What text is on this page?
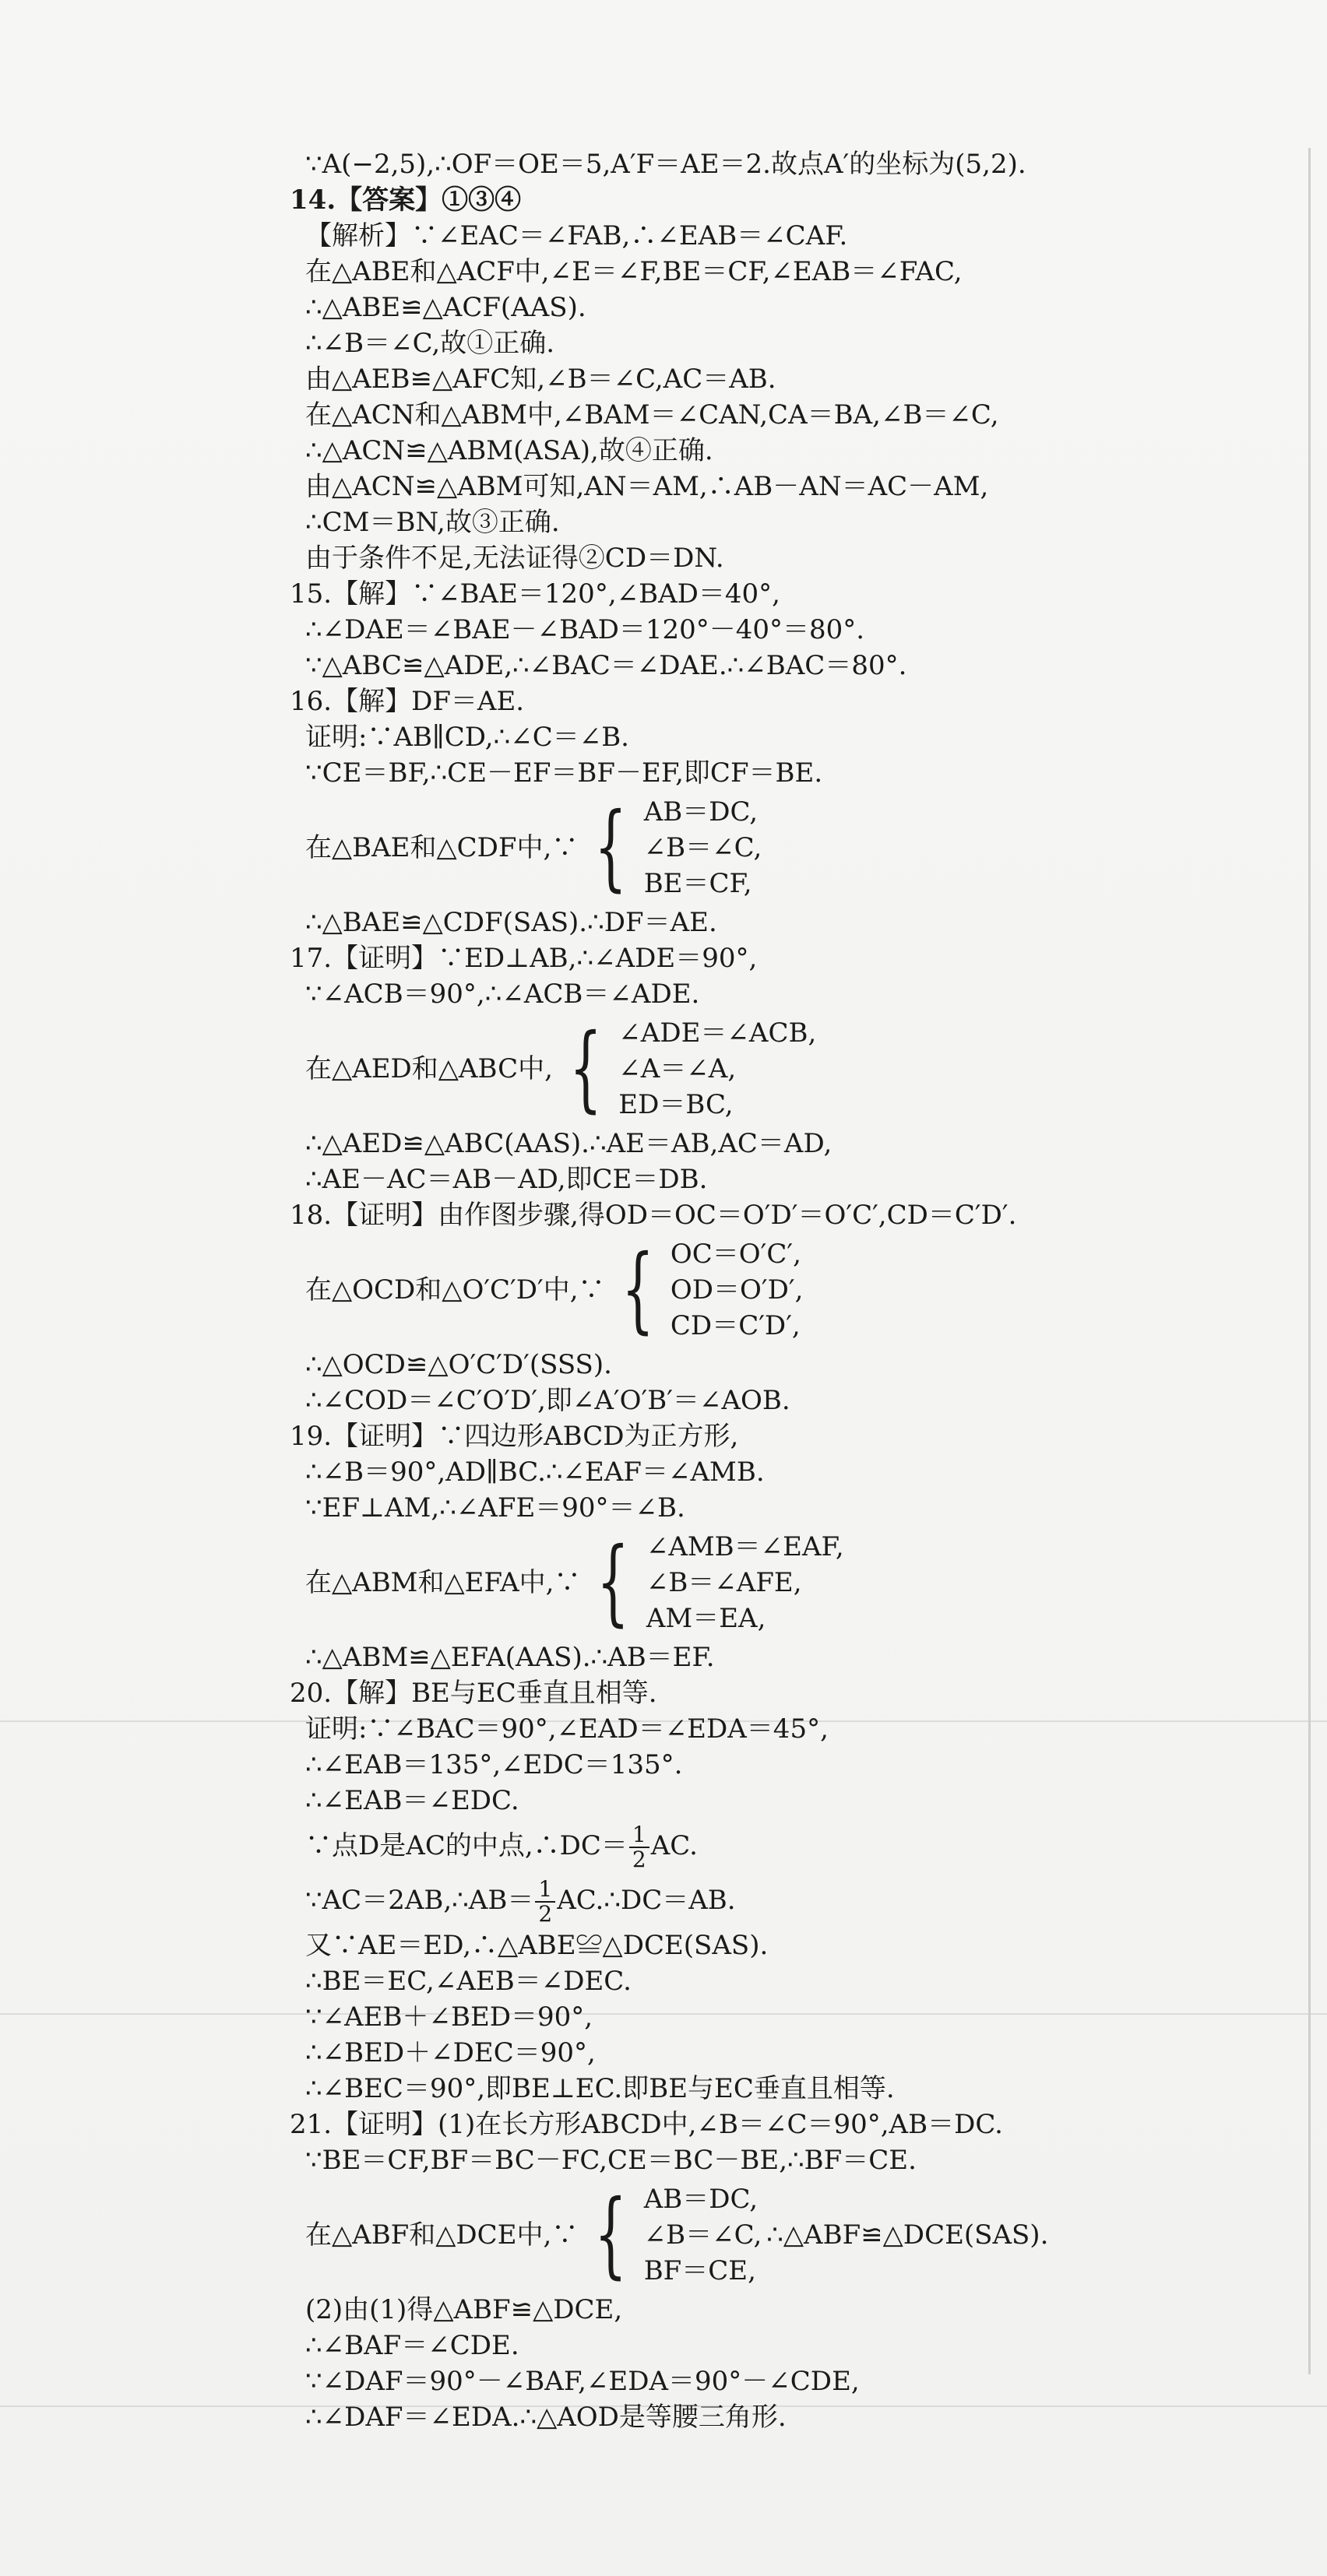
∵A(−2,5),∴OF＝OE＝5,A′F＝AE＝2.故点A′的坐标为(5,2).
14.【答案】①③④
【解析】∵∠EAC＝∠FAB,∴∠EAB＝∠CAF.
在△ABE和△ACF中,∠E＝∠F,BE＝CF,∠EAB＝∠FAC,
∴△ABE≌△ACF(AAS).
∴∠B＝∠C,故①正确.
由△AEB≌△AFC知,∠B＝∠C,AC＝AB.
在△ACN和△ABM中,∠BAM＝∠CAN,CA＝BA,∠B＝∠C,
∴△ACN≌△ABM(ASA),故④正确.
由△ACN≌△ABM可知,AN＝AM,∴AB－AN＝AC－AM,
∴CM＝BN,故③正确.
由于条件不足,无法证得②CD＝DN.
15.【解】∵∠BAE＝120°,∠BAD＝40°,
∴∠DAE＝∠BAE－∠BAD＝120°－40°＝80°.
∵△ABC≌△ADE,∴∠BAC＝∠DAE.∴∠BAC＝80°.
16.【解】DF＝AE.
证明:∵AB∥CD,∴∠C＝∠B.
∵CE＝BF,∴CE－EF＝BF－EF,即CF＝BE.
在△BAE和△CDF中,∵ { AB＝DC,
∠B＝∠C,
BE＝CF,
∴△BAE≌△CDF(SAS).∴DF＝AE.
17.【证明】∵ED⊥AB,∴∠ADE＝90°,
∵∠ACB＝90°,∴∠ACB＝∠ADE.
在△AED和△ABC中, { ∠ADE＝∠ACB,
∠A＝∠A,
ED＝BC,
∴△AED≌△ABC(AAS).∴AE＝AB,AC＝AD,
∴AE－AC＝AB－AD,即CE＝DB.
18.【证明】由作图步骤,得OD＝OC＝O′D′＝O′C′,CD＝C′D′.
在△OCD和△O′C′D′中,∵ { OC＝O′C′,
OD＝O′D′,
CD＝C′D′,
∴△OCD≌△O′C′D′(SSS).
∴∠COD＝∠C′O′D′,即∠A′O′B′＝∠AOB.
19.【证明】∵四边形ABCD为正方形,
∴∠B＝90°,AD∥BC.∴∠EAF＝∠AMB.
∵EF⊥AM,∴∠AFE＝90°＝∠B.
在△ABM和△EFA中,∵ { ∠AMB＝∠EAF,
∠B＝∠AFE,
AM＝EA,
∴△ABM≌△EFA(AAS).∴AB＝EF.
20.【解】BE与EC垂直且相等.
证明:∵∠BAC＝90°,∠EAD＝∠EDA＝45°,
∴∠EAB＝135°,∠EDC＝135°.
∴∠EAB＝∠EDC.
∵点D是AC的中点,∴DC＝ $\frac{1}{2}$ AC.
∵AC＝2AB,∴AB＝ $\frac{1}{2}$ AC.∴DC＝AB.
又∵AE＝ED,∴△ABE≌△DCE(SAS).
∴BE＝EC,∠AEB＝∠DEC.
∵∠AEB＋∠BED＝90°,
∴∠BED＋∠DEC＝90°,
∴∠BEC＝90°,即BE⊥EC.即BE与EC垂直且相等.
21.【证明】(1)在长方形ABCD中,∠B＝∠C＝90°,AB＝DC.
∵BE＝CF,BF＝BC－FC,CE＝BC－BE,∴BF＝CE.
在△ABF和△DCE中,∵ { AB＝DC,
∠B＝∠C,
BF＝CE,
∴△ABF≌△DCE(SAS).
(2)由(1)得△ABF≌△DCE,
∴∠BAF＝∠CDE.
∵∠DAF＝90°－∠BAF,∠EDA＝90°－∠CDE,
∴∠DAF＝∠EDA.∴△AOD是等腰三角形.
